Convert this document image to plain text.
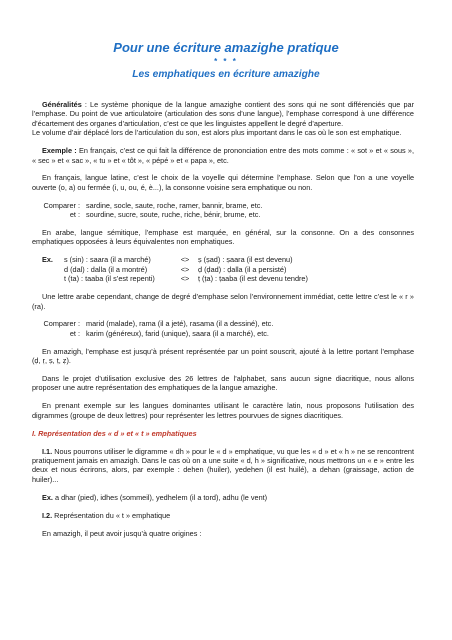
Pour une écriture amazighe pratique
* * *
Les emphatiques en écriture amazighe

Généralités : Le système phonique de la langue amazighe contient des sons qui ne sont différenciés que par l’emphase. Du point de vue articulatoire (articulation des sons d’une langue), l’emphase correspond à une différence d’écartement des organes d’articulation, c’est ce que les linguistes appellent le degré d’aperture.
Le volume d’air déplacé lors de l’articulation du son, est alors plus important dans le cas où le son est emphatique.

Exemple : En français, c’est ce qui fait la différence de prononciation entre des mots comme : « sot » et « sous », « sec » et « sac », « tu » et « tôt », « pépé » et « papa », etc.

En français, langue latine, c’est le choix de la voyelle qui détermine l’emphase. Selon que l’on a une voyelle ouverte (o, a) ou fermée (i, u, ou, é, è...), la consonne voisine sera emphatique ou non.

Comparer : sardine, socle, saute, roche, ramer, bannir, brame, etc.
et : sourdine, sucre, soute, ruche, riche, bénir, brume, etc.

En arabe, langue sémitique, l’emphase est marquée, en général, sur la consonne. On a des consonnes emphatiques opposées à leurs équivalentes non emphatiques.

Ex.	s (sin) : saara (il a marché)	<>	ṣ (ṣad) : ṣaara (il est devenu)
d (dal) : dalla (il a montré)	<>	ḍ (ḍad) : ḍalla (il a persisté)
t (ta) : taaba (il s’est repenti)	<>	ṭ (ṭa) : ṭaaba (il est devenu tendre)

Une lettre arabe cependant, change de degré d’emphase selon l’environnement immédiat, cette lettre c’est le « r » (ra).

Comparer : marid (malade), rama (il a jeté), rasama (il a dessiné), etc.
et : karim (généreux), farid (unique), saara (il a marché), etc.

En amazigh, l’emphase est jusqu’à présent représentée par un point souscrit, ajouté à la lettre portant l’emphase (ḍ, ṛ, ṣ, ṭ, ẓ).

Dans le projet d’utilisation exclusive des 26 lettres de l’alphabet, sans aucun signe diacritique, nous allons proposer une autre représentation des emphatiques de la langue amazighe.

En prenant exemple sur les langues dominantes utilisant le caractère latin, nous proposons l’utilisation des digrammes (groupe de deux lettres) pour représenter les lettres pourvues de signes diacritiques.

I. Représentation des « d » et « t » emphatiques

I.1. Nous pourrons utiliser le digramme « dh » pour le « d » emphatique, vu que les « d » et « h » ne se rencontrent pratiquement jamais en amazigh. Dans le cas où on a une suite « d, h » significative, nous mettrons un « e » entre les deux et nous écrirons, alors, par exemple : dehen (huiler), yedehen (il est huilé), a dehan (graissage, action de huiler)...

Ex. a dhar (pied), idhes (sommeil), yedhelem (il a tord), adhu (le vent)

I.2. Représentation du « t » emphatique

En amazigh, il peut avoir jusqu’à quatre origines :
